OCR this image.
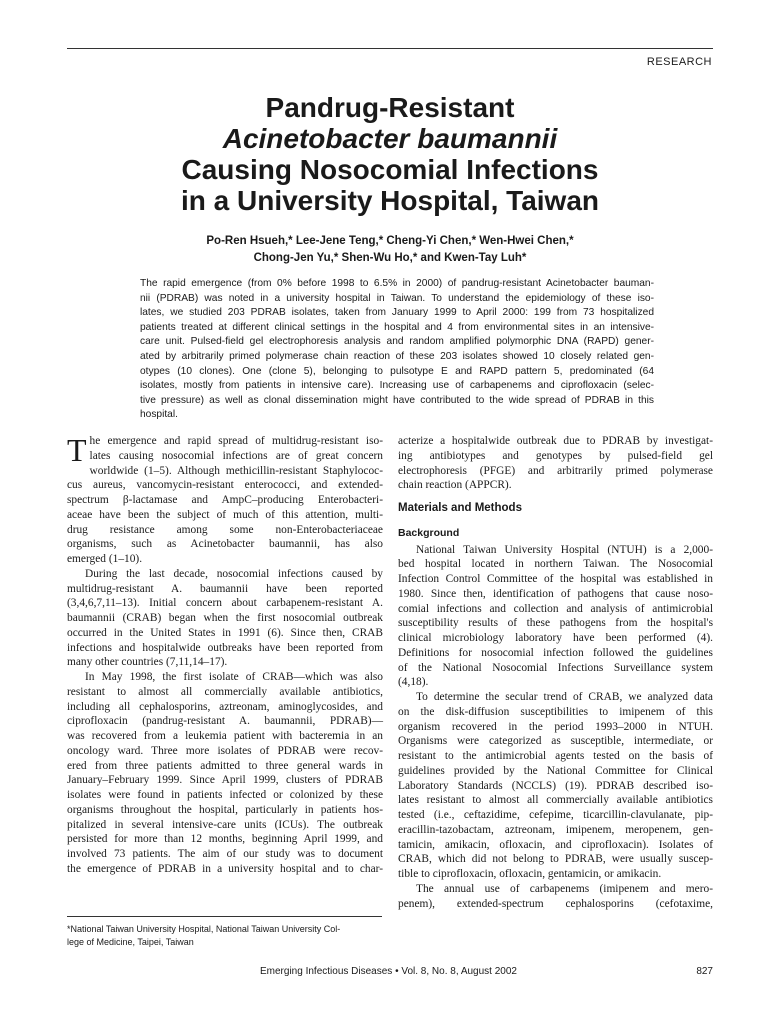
RESEARCH
Pandrug-Resistant
Acinetobacter baumannii
Causing Nosocomial Infections
in a University Hospital, Taiwan
Po-Ren Hsueh,* Lee-Jene Teng,* Cheng-Yi Chen,* Wen-Hwei Chen,*
Chong-Jen Yu,* Shen-Wu Ho,* and Kwen-Tay Luh*
The rapid emergence (from 0% before 1998 to 6.5% in 2000) of pandrug-resistant Acinetobacter bauman-
nii (PDRAB) was noted in a university hospital in Taiwan. To understand the epidemiology of these iso-
lates, we studied 203 PDRAB isolates, taken from January 1999 to April 2000: 199 from 73 hospitalized
patients treated at different clinical settings in the hospital and 4 from environmental sites in an intensive-
care unit. Pulsed-field gel electrophoresis analysis and random amplified polymorphic DNA (RAPD) gener-
ated by arbitrarily primed polymerase chain reaction of these 203 isolates showed 10 closely related gen-
otypes (10 clones). One (clone 5), belonging to pulsotype E and RAPD pattern 5, predominated (64
isolates, mostly from patients in intensive care). Increasing use of carbapenems and ciprofloxacin (selec-
tive pressure) as well as clonal dissemination might have contributed to the wide spread of PDRAB in this
hospital.
T he emergence and rapid spread of multidrug-resistant iso-
lates causing nosocomial infections are of great concern
worldwide (1–5). Although methicillin-resistant Staphylococ-
cus aureus, vancomycin-resistant enterococci, and extended-
spectrum β-lactamase and AmpC–producing Enterobacteri-
aceae have been the subject of much of this attention, multi-
drug resistance among some non-Enterobacteriaceae
organisms, such as Acinetobacter baumannii, has also
emerged (1–10).
During the last decade, nosocomial infections caused by
multidrug-resistant A. baumannii have been reported
(3,4,6,7,11–13). Initial concern about carbapenem-resistant A.
baumannii (CRAB) began when the first nosocomial outbreak
occurred in the United States in 1991 (6). Since then, CRAB
infections and hospitalwide outbreaks have been reported from
many other countries (7,11,14–17).
In May 1998, the first isolate of CRAB—which was also
resistant to almost all commercially available antibiotics,
including all cephalosporins, aztreonam, aminoglycosides, and
ciprofloxacin (pandrug-resistant A. baumannii, PDRAB)—
was recovered from a leukemia patient with bacteremia in an
oncology ward. Three more isolates of PDRAB were recov-
ered from three patients admitted to three general wards in
January–February 1999. Since April 1999, clusters of PDRAB
isolates were found in patients infected or colonized by these
organisms throughout the hospital, particularly in patients hos-
pitalized in several intensive-care units (ICUs). The outbreak
persisted for more than 12 months, beginning April 1999, and
involved 73 patients. The aim of our study was to document
the emergence of PDRAB in a university hospital and to char-
acterize a hospitalwide outbreak due to PDRAB by investigat-
ing antibiotypes and genotypes by pulsed-field gel
electrophoresis (PFGE) and arbitrarily primed polymerase
chain reaction (APPCR).
Materials and Methods
Background
National Taiwan University Hospital (NTUH) is a 2,000-
bed hospital located in northern Taiwan. The Nosocomial
Infection Control Committee of the hospital was established in
1980. Since then, identification of pathogens that cause noso-
comial infections and collection and analysis of antimicrobial
susceptibility results of these pathogens from the hospital's
clinical microbiology laboratory have been performed (4).
Definitions for nosocomial infection followed the guidelines
of the National Nosocomial Infections Surveillance system
(4,18).
To determine the secular trend of CRAB, we analyzed data
on the disk-diffusion susceptibilities to imipenem of this
organism recovered in the period 1993–2000 in NTUH.
Organisms were categorized as susceptible, intermediate, or
resistant to the antimicrobial agents tested on the basis of
guidelines provided by the National Committee for Clinical
Laboratory Standards (NCCLS) (19). PDRAB described iso-
lates resistant to almost all commercially available antibiotics
tested (i.e., ceftazidime, cefepime, ticarcillin-clavulanate, pip-
eracillin-tazobactam, aztreonam, imipenem, meropenem, gen-
tamicin, amikacin, ofloxacin, and ciprofloxacin). Isolates of
CRAB, which did not belong to PDRAB, were usually suscep-
tible to ciprofloxacin, ofloxacin, gentamicin, or amikacin.
The annual use of carbapenems (imipenem and mero-
penem), extended-spectrum cephalosporins (cefotaxime,
*National Taiwan University Hospital, National Taiwan University Col-
lege of Medicine, Taipei, Taiwan
Emerging Infectious Diseases • Vol. 8, No. 8, August 2002	827
